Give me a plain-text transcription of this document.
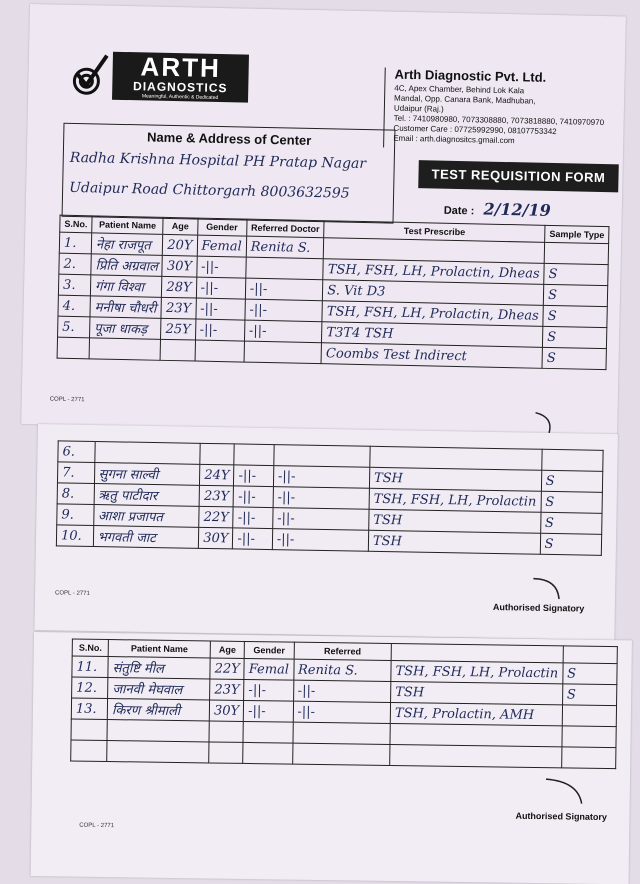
ARTH
DIAGNOSTICS
Meaningful, Authentic & Dedicated
Arth Diagnostic Pvt. Ltd.
4C, Apex Chamber, Behind Lok Kala
Mandal, Opp. Canara Bank, Madhuban,
Udaipur (Raj.)
Tel. : 7410980980, 7073308880, 7073818880, 7410970970
Customer Care : 07725992990, 08107753342
Email : arth.diagnositcs.gmail.com
Name & Address of Center
Radha Krishna Hospital PH Pratap Nagar
Udaipur Road Chittorgarh 8003632595
TEST REQUISITION FORM
Date : 2/12/19
S.No.	Patient Name	Age	Gender	Referred Doctor	Test Prescribe	Sample Type
1.	नेहा राजपूत	20Y	Femal	Renita S.		
2.	प्रिति अग्रवाल	30Y	-||-		TSH, FSH, LH, Prolactin, Dheas	S
3.	गंगा विश्वा	28Y	-||-	-||-	S. Vit D3	S
4.	मनीषा चौधरी	23Y	-||-	-||-	TSH, FSH, LH, Prolactin, Dheas	S
5.	पूजा धाकड़	25Y	-||-	-||-	T3T4 TSH	S
					Coombs Test Indirect	S
COPL - 2771
6.						
7.	सुगना साल्वी	24Y	-||-	-||-	TSH	S
8.	ऋतु पाटीदार	23Y	-||-	-||-	TSH, FSH, LH, Prolactin	S
9.	आशा प्रजापत	22Y	-||-	-||-	TSH	S
10.	भगवती जाट	30Y	-||-	-||-	TSH	S
COPL - 2771
Authorised Signatory
S.No.	Patient Name	Age	Gender	Referred		
11.	संतुष्टि मील	22Y	Femal	Renita S.	TSH, FSH, LH, Prolactin	S
12.	जानवी मेघवाल	23Y	-||-	-||-	TSH	S
13.	किरण श्रीमाली	30Y	-||-	-||-	TSH, Prolactin, AMH	

COPL - 2771
Authorised Signatory
